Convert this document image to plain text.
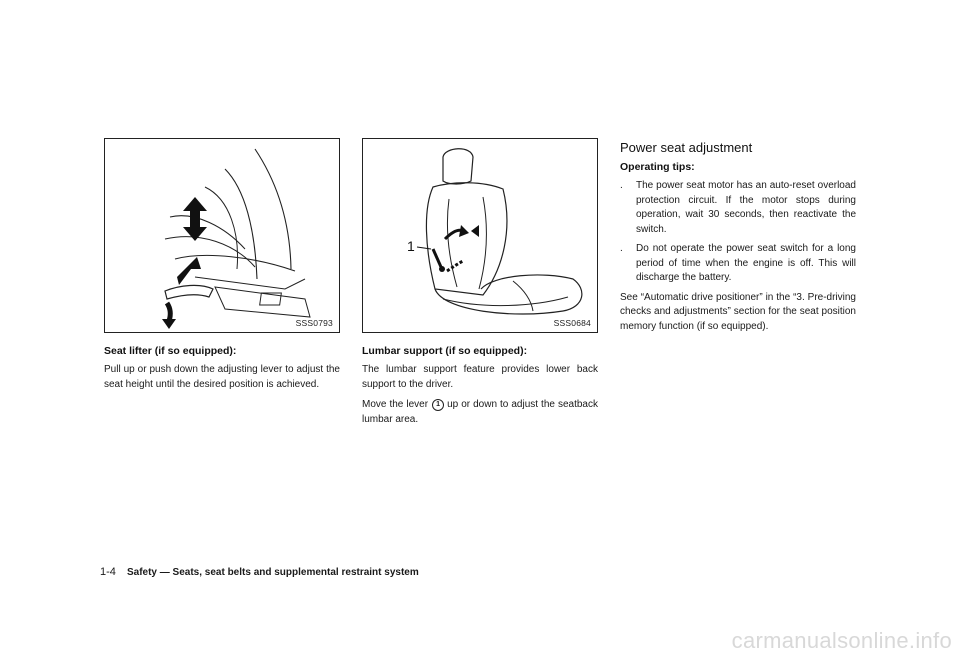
SSS0793
Seat lifter (if so equipped):

Pull up or push down the adjusting lever to adjust the seat height until the desired position is achieved.

1
SSS0684
Lumbar support (if so equipped):

The lumbar support feature provides lower back support to the driver.

Move the lever 1 up or down to adjust the seatback lumbar area.

Power seat adjustment
Operating tips:
. The power seat motor has an auto-reset overload protection circuit. If the motor stops during operation, wait 30 seconds, then reactivate the switch.
. Do not operate the power seat switch for a long period of time when the engine is off. This will discharge the battery.

See “Automatic drive positioner” in the “3. Pre-driving checks and adjustments” section for the seat position memory function (if so equipped).

1-4 Safety — Seats, seat belts and supplemental restraint system
carmanualsonline.info
